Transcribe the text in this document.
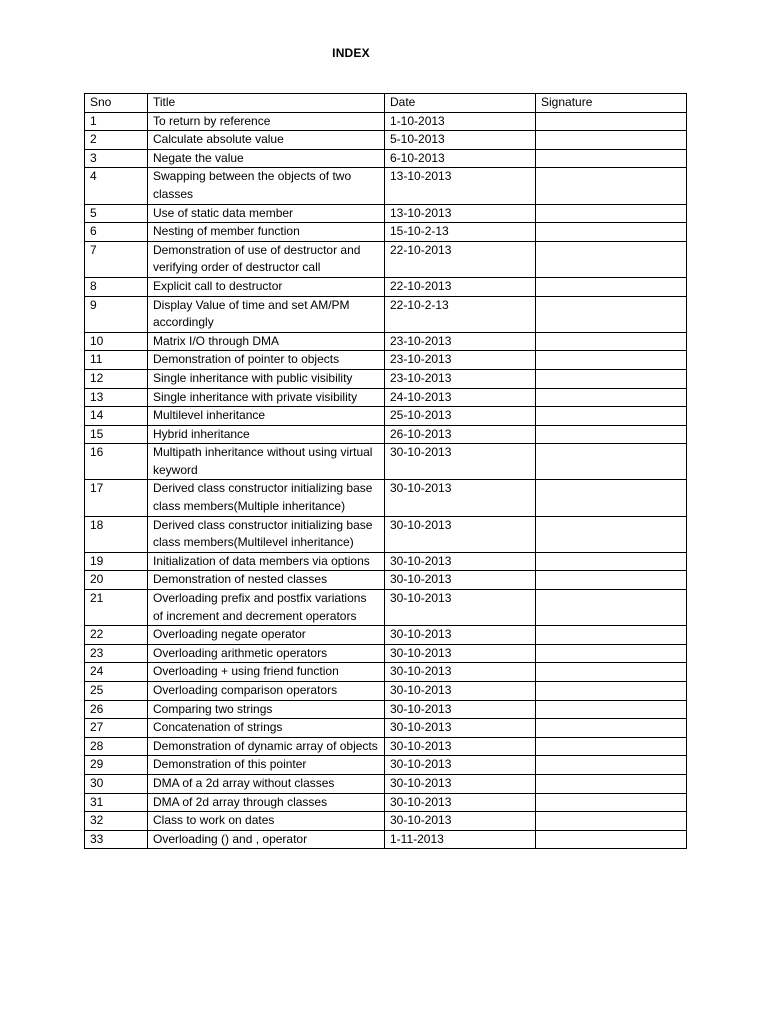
INDEX
Sno	Title	Date	Signature
1	To return by reference	1-10-2013	
2	Calculate absolute value	5-10-2013	
3	Negate the value	6-10-2013	
4	Swapping between the objects of two classes	13-10-2013	
5	Use of static data member	13-10-2013	
6	Nesting of member function	15-10-2-13	
7	Demonstration of use of destructor and verifying order of destructor call	22-10-2013	
8	Explicit call to destructor	22-10-2013	
9	Display Value of time and set AM/PM accordingly	22-10-2-13	
10	Matrix I/O through DMA	23-10-2013	
11	Demonstration of pointer to objects	23-10-2013	
12	Single inheritance with public visibility	23-10-2013	
13	Single inheritance with private visibility	24-10-2013	
14	Multilevel inheritance	25-10-2013	
15	Hybrid inheritance	26-10-2013	
16	Multipath inheritance without using virtual keyword	30-10-2013	
17	Derived class constructor initializing base class members(Multiple inheritance)	30-10-2013	
18	Derived class constructor initializing base class members(Multilevel inheritance)	30-10-2013	
19	Initialization of data members via options	30-10-2013	
20	Demonstration of nested classes	30-10-2013	
21	Overloading prefix and postfix variations of increment and decrement operators	30-10-2013	
22	Overloading negate operator	30-10-2013	
23	Overloading arithmetic operators	30-10-2013	
24	Overloading + using friend function	30-10-2013	
25	Overloading comparison operators	30-10-2013	
26	Comparing two strings	30-10-2013	
27	Concatenation of strings	30-10-2013	
28	Demonstration of dynamic array of objects	30-10-2013	
29	Demonstration of this pointer	30-10-2013	
30	DMA of a 2d array without classes	30-10-2013	
31	DMA of 2d array through classes	30-10-2013	
32	Class to work on dates	30-10-2013	
33	Overloading () and , operator	1-11-2013	
